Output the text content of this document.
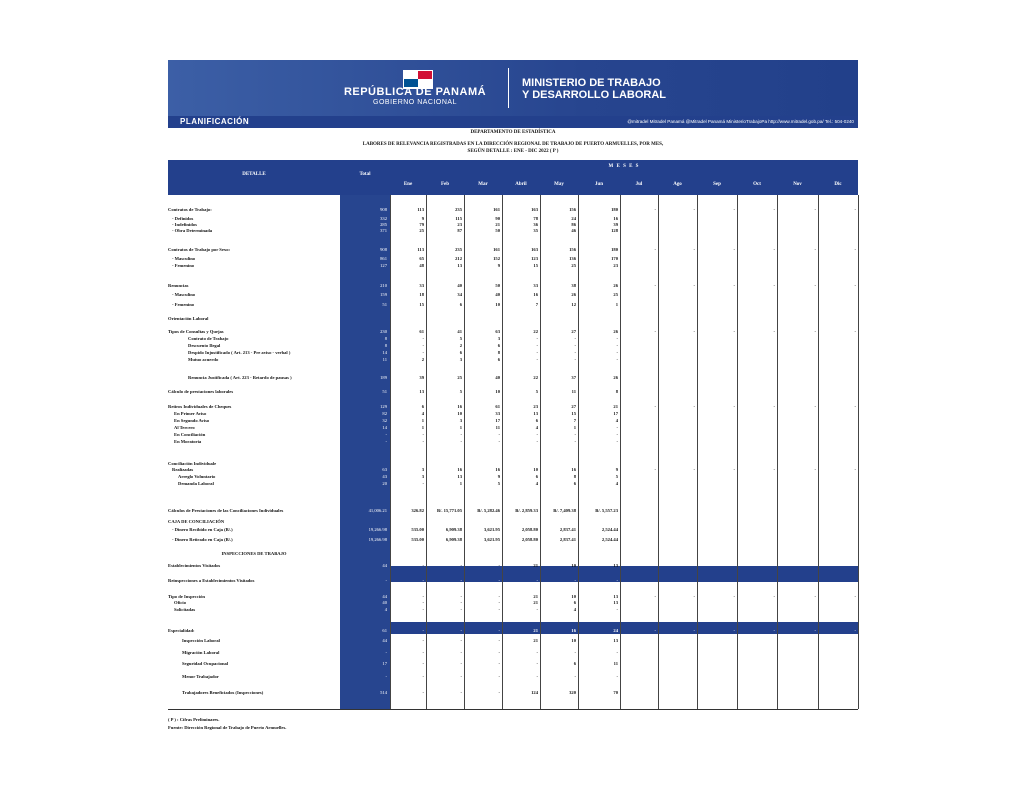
REPÚBLICA DE PANAMÁ
GOBIERNO NACIONAL
MINISTERIO DE TRABAJO
Y DESARROLLO LABORAL
PLANIFICACIÓN	@mitradel Mitradel Panamá @Mitradel Panamá MinisterioTrabajoPa http://www.mitradel.gob.pa/ Tel.: 504-0240
DEPARTAMENTO DE ESTADÍSTICA
LABORES DE RELEVANCIA REGISTRADAS EN LA DIRECCIÓN REGIONAL DE TRABAJO DE PUERTO ARMUELLES, POR MES,
SEGÚN DETALLE : ENE - DIC 2022 ( P )
DETALLE	Total
M E S E S
Ene	Feb	Mar	Abril	May	Jun	Jul	Ago	Sep	Oct	Nov	Dic
Contratos de Trabajo:	908	113	235	161	163	156	180	-	-	-	-	-	-
- Definidos	332	9	115	90	78	24	16
- Indefinidos	285	79	23	21	36	86	39
- Obra Determinada	371	25	87	50	35	46	128
Contratos de Trabajo por Sexo:	908	113	235	161	163	156	180	-	-	-	-	-	-
- Masculino	861	65	212	152	123	136	170
- Femenino	127	48	13	9	15	25	23
Renuncias	210	33	40	50	33	38	26	-	-	-	-	-	-
- Masculino	159	18	34	40	16	26	25
- Femenino	51	15	6	10	7	12	1
Orientación Laboral
Tipos de Consultas y Quejas	230	61	41	63	22	27	26	-	-	-	-	-	-
Contrato de Trabajo	8	-	5	3	-	-	-
Descuento Ilegal	8	-	2	6	-	-	-
Despido Injustificado ( Art. 213 - Pre aviso - verbal )	14	-	6	8	-	-	-
Mutuo acuerdo	11	2	3	6	-	-	-
Renuncia Justificada ( Art. 223 - Retardo de pausas )	189	39	25	40	22	37	26
Cálculo de prestaciones laborales	51	13	5	10	5	11	8
Retiros Individuales de Cheques	129	6	16	61	23	27	21	-	-	-	-	-	-
En Primer Aviso	82	4	10	33	13	15	17
En Segundo Aviso	32	1	3	17	6	7	4
Al Tercero	14	1	1	11	4	1	-
En Conciliación	-	-	-	-	-	-	-
En Moratoria	-	-	-	-	-	-	-
Conciliación Individuale
Realizadas	63	3	16	16	10	16	9	-	-	-	-	-	-
Arreglo Voluntario	43	3	13	9	6	8	5
Demanda Laboral	20	-	1	5	4	6	4
Cálculos de Prestaciones de las Conciliaciones Individuales	41,006.21	326.82	B/. 15,771.05	B/. 5,282.46	B/. 2,859.33	B/. 7,409.38	B/. 5,557.23
CAJA DE CONCILIACIÓN
- Dinero Recibido en Caja (B/.)	19,266.98	535.00	6,909.38	3,621.95	2,058.80	2,837.41	2,524.44
- Dinero Retirado en Caja (B/.)	19,266.98	535.00	6,909.38	3,621.95	2,058.80	2,837.41	2,524.44
INSPECCIONES DE TRABAJO
Establecimientos Visitados	44	-	-	-	21	10	13
Reinspecciones a Establecimientos Visitados	-	-	-	-	-	-	-
Tipo de Inspección	44	-	-	-	21	10	13	-	-	-	-	-	-
Oficio	40	-	-	-	21	6	13
Solicitadas	4	-	-	-	-	4	-
Especialidad:	61	-	-	-	21	16	24	-	-	-	-	-	-
Inspección Laboral	44	-	-	-	21	10	13
Migración Laboral	-	-	-	-	-	-	-
Seguridad Ocupacional	17	-	-	-	-	6	11
Menor Trabajador	-	-	-	-	-	-	-
Trabajadores Beneficiados (Inspecciones)	514	-	-	-	124	320	70
( P ) : Cifras Preliminares.
Fuente: Dirección Regional de Trabajo de Puerto Armuelles.
